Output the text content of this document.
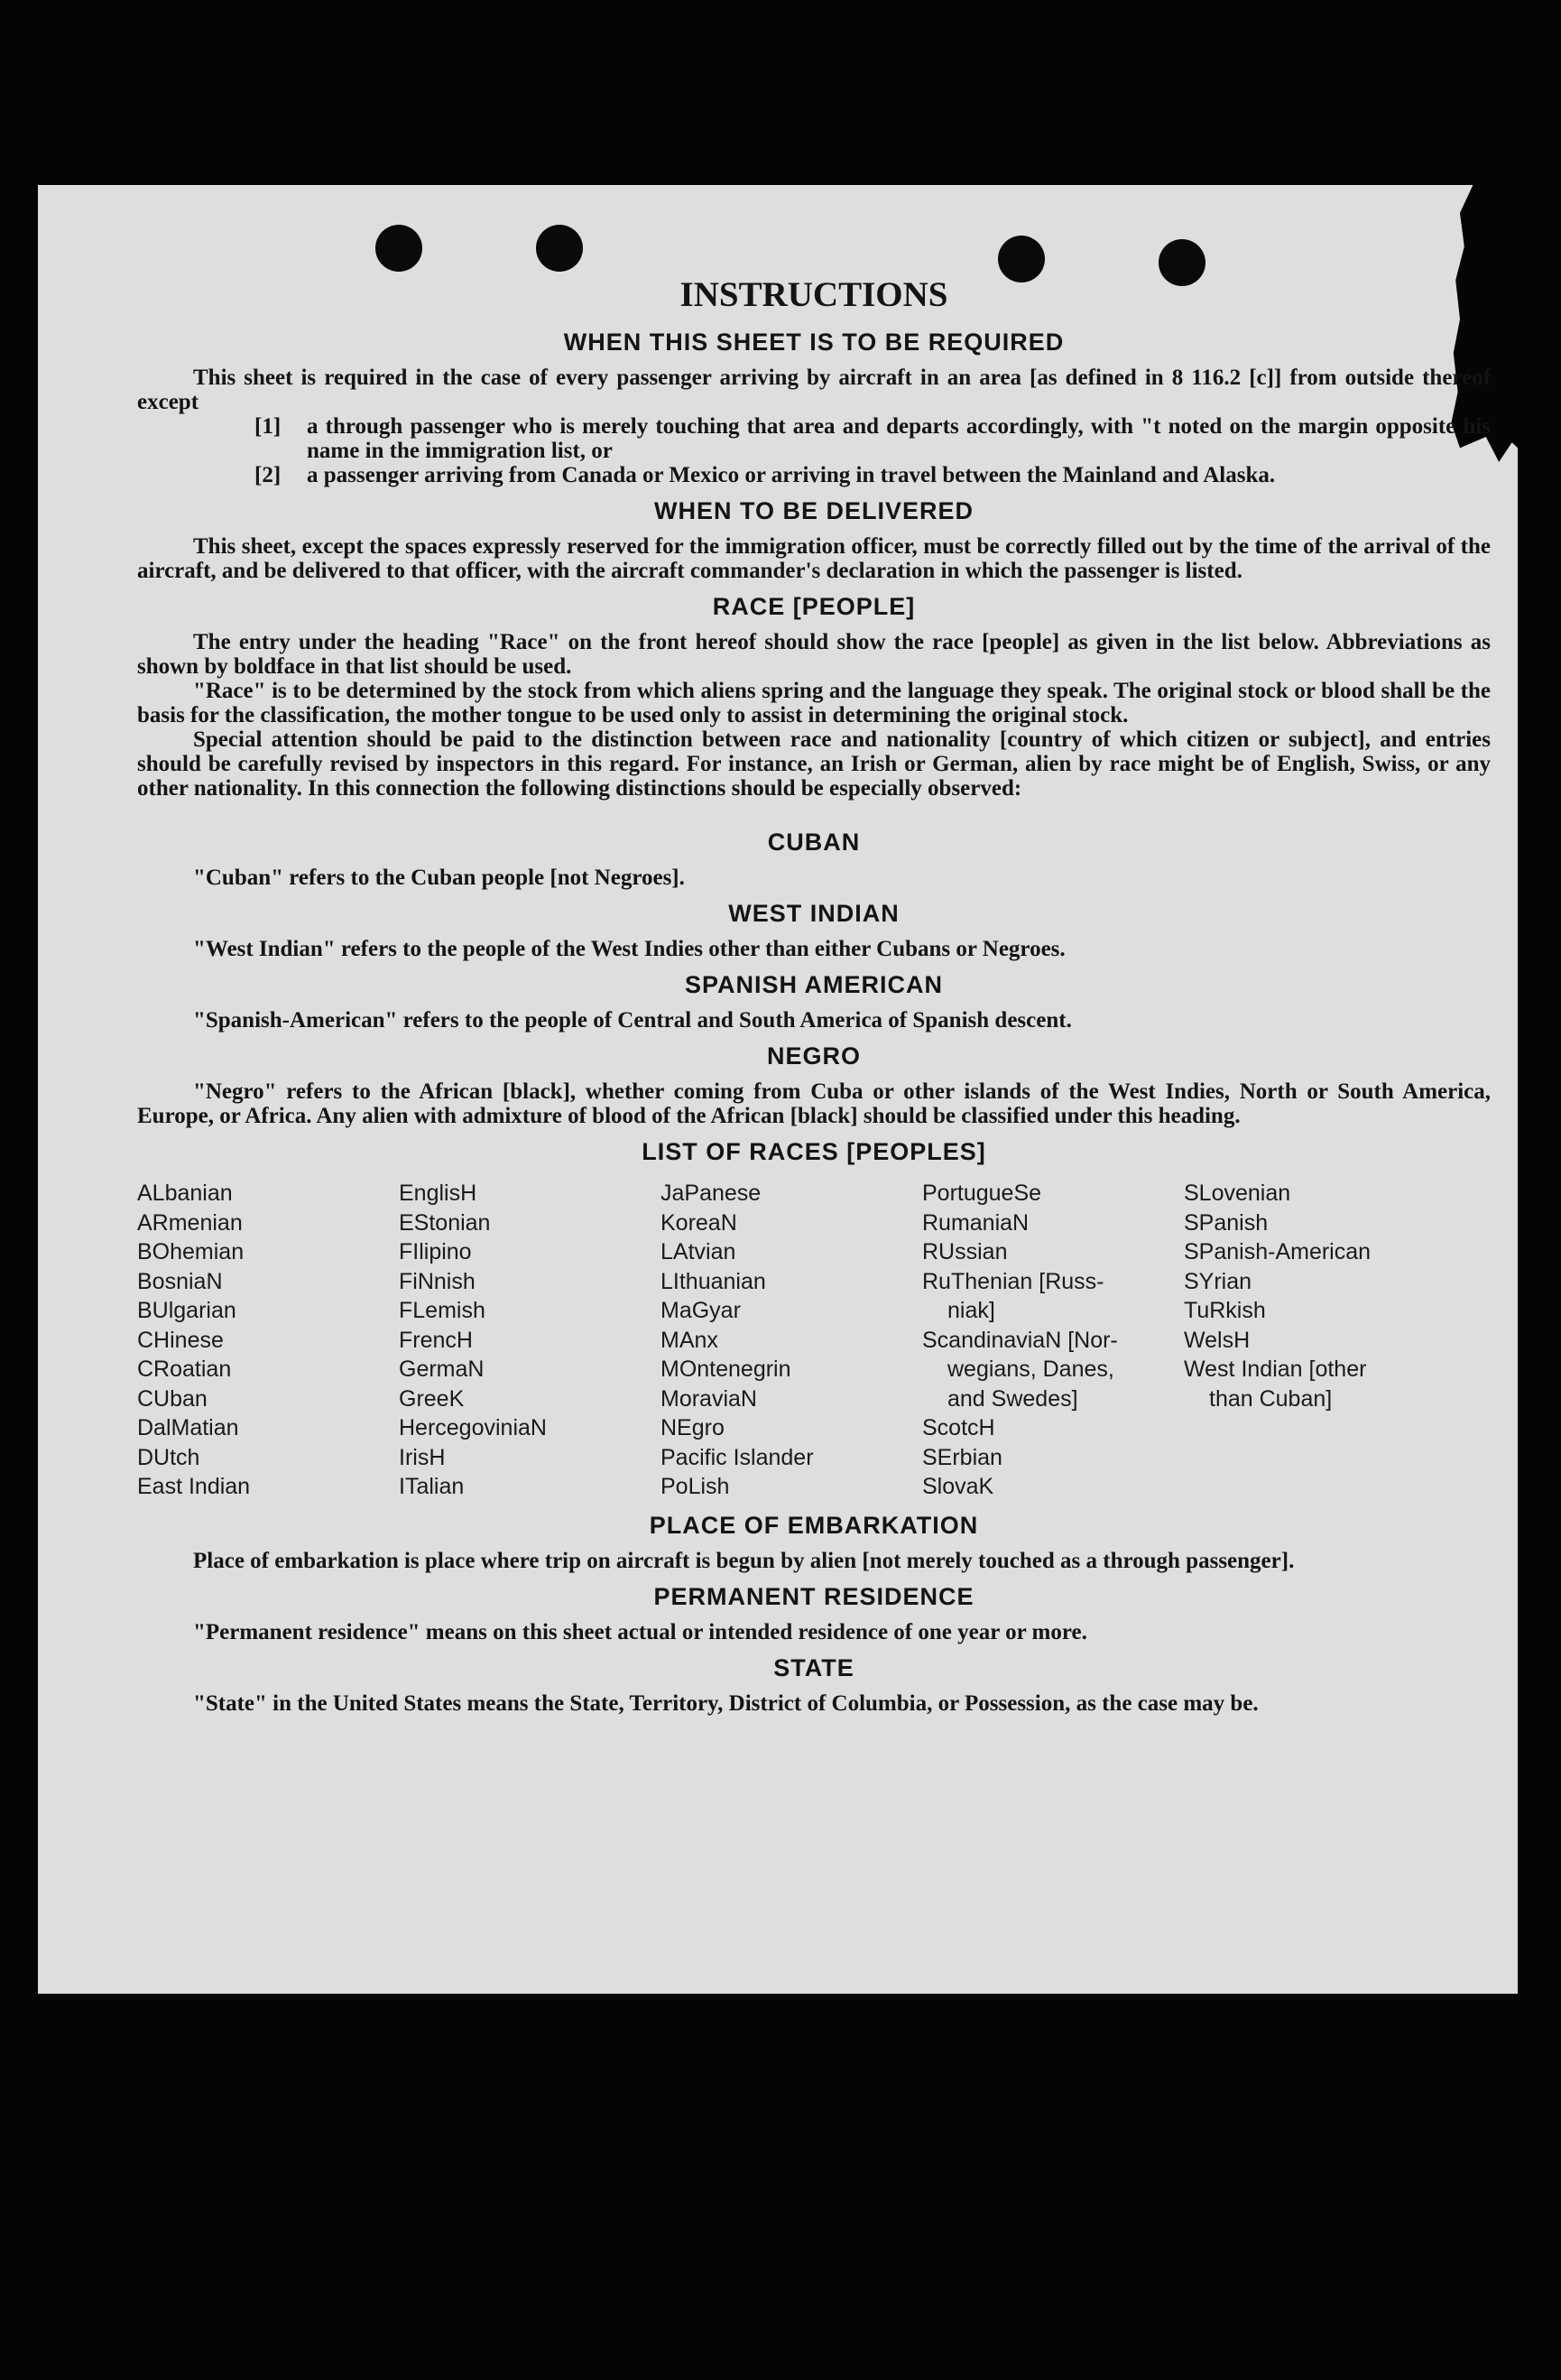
INSTRUCTIONS
WHEN THIS SHEET IS TO BE REQUIRED

This sheet is required in the case of every passenger arriving by aircraft in an area [as defined in 8 116.2 [c]] from outside thereof except

[1]	a through passenger who is merely touching that area and departs accordingly, with "t noted on the margin opposite his name in the immigration list, or
[2]	a passenger arriving from Canada or Mexico or arriving in travel between the Mainland and Alaska.
WHEN TO BE DELIVERED

This sheet, except the spaces expressly reserved for the immigration officer, must be correctly filled out by the time of the arrival of the aircraft, and be delivered to that officer, with the aircraft commander's declaration in which the passenger is listed.

RACE [PEOPLE]

The entry under the heading "Race" on the front hereof should show the race [people] as given in the list below. Abbreviations as shown by boldface in that list should be used.

"Race" is to be determined by the stock from which aliens spring and the language they speak. The original stock or blood shall be the basis for the classification, the mother tongue to be used only to assist in determining the original stock.

Special attention should be paid to the distinction between race and nationality [country of which citizen or subject], and entries should be carefully revised by inspectors in this regard. For instance, an Irish or German, alien by race might be of English, Swiss, or any other nationality. In this connection the following distinctions should be especially observed:

CUBAN

"Cuban" refers to the Cuban people [not Negroes].

WEST INDIAN

"West Indian" refers to the people of the West Indies other than either Cubans or Negroes.

SPANISH AMERICAN

"Spanish-American" refers to the people of Central and South America of Spanish descent.

NEGRO

"Negro" refers to the African [black], whether coming from Cuba or other islands of the West Indies, North or South America, Europe, or Africa. Any alien with admixture of blood of the African [black] should be classified under this heading.

LIST OF RACES [PEOPLES]
ALbanian
ARmenian
BOhemian
BosniaN
BUlgarian
CHinese
CRoatian
CUban
DalMatian
DUtch
East Indian
EnglisH
EStonian
FIlipino
FiNnish
FLemish
FrencH
GermaN
GreeK
HercegoviniaN
IrisH
ITalian
JaPanese
KoreaN
LAtvian
LIthuanian
MaGyar
MAnx
MOntenegrin
MoraviaN
NEgro
Pacific Islander
PoLish
PortugueSe
RumaniaN
RUssian
RuThenian [Russ-
niak]
ScandinaviaN [Nor-
wegians, Danes,
and Swedes]
ScotcH
SErbian
SlovaK
SLovenian
SPanish
SPanish-American
SYrian
TuRkish
WelsH
West Indian [other
than Cuban]
PLACE OF EMBARKATION

Place of embarkation is place where trip on aircraft is begun by alien [not merely touched as a through passenger].

PERMANENT RESIDENCE

"Permanent residence" means on this sheet actual or intended residence of one year or more.

STATE

"State" in the United States means the State, Territory, District of Columbia, or Possession, as the case may be.
